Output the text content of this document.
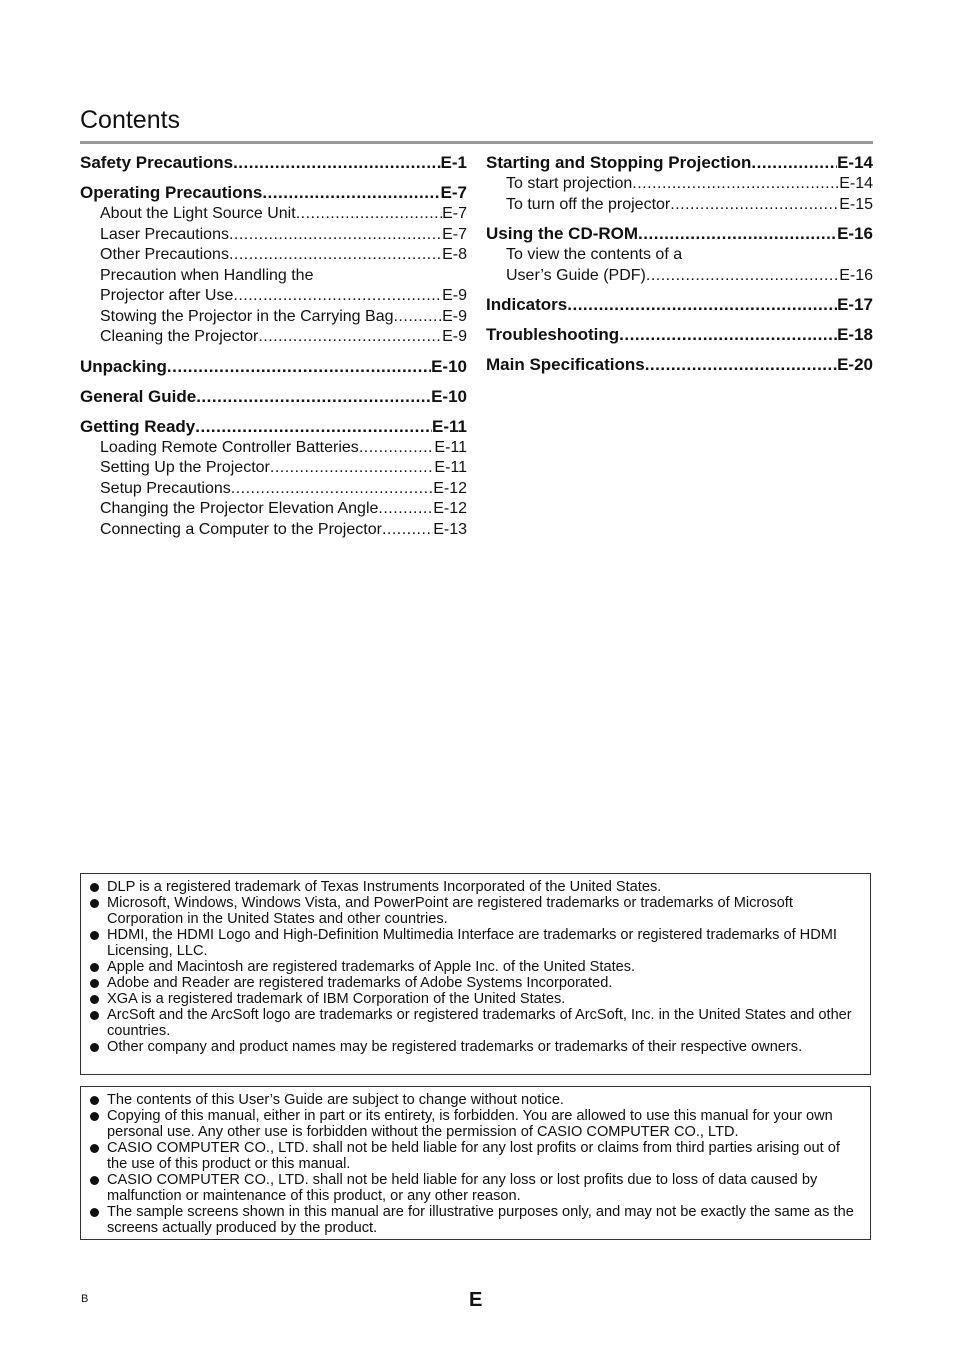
Contents
Safety Precautions .....	E-1
Operating Precautions .....	E-7
About the Light Source Unit .....	E-7
Laser Precautions .....	E-7
Other Precautions .....	E-8
Precaution when Handling the
Projector after Use .....	E-9
Stowing the Projector in the Carrying Bag .....	E-9
Cleaning the Projector .....	E-9
Unpacking .....	E-10
General Guide .....	E-10
Getting Ready .....	E-11
Loading Remote Controller Batteries .....	E-11
Setting Up the Projector .....	E-11
Setup Precautions .....	E-12
Changing the Projector Elevation Angle .....	E-12
Connecting a Computer to the Projector .....	E-13
Starting and Stopping Projection .....	E-14
To start projection .....	E-14
To turn off the projector .....	E-15
Using the CD-ROM .....	E-16
To view the contents of a
User’s Guide (PDF) .....	E-16
Indicators .....	E-17
Troubleshooting .....	E-18
Main Specifications .....	E-20
DLP is a registered trademark of Texas Instruments Incorporated of the United States.
Microsoft, Windows, Windows Vista, and PowerPoint are registered trademarks or trademarks of Microsoft Corporation in the United States and other countries.
HDMI, the HDMI Logo and High-Definition Multimedia Interface are trademarks or registered trademarks of HDMI Licensing, LLC.
Apple and Macintosh are registered trademarks of Apple Inc. of the United States.
Adobe and Reader are registered trademarks of Adobe Systems Incorporated.
XGA is a registered trademark of IBM Corporation of the United States.
ArcSoft and the ArcSoft logo are trademarks or registered trademarks of ArcSoft, Inc. in the United States and other countries.
Other company and product names may be registered trademarks or trademarks of their respective owners.
The contents of this User’s Guide are subject to change without notice.
Copying of this manual, either in part or its entirety, is forbidden. You are allowed to use this manual for your own personal use. Any other use is forbidden without the permission of CASIO COMPUTER CO., LTD.
CASIO COMPUTER CO., LTD. shall not be held liable for any lost profits or claims from third parties arising out of the use of this product or this manual.
CASIO COMPUTER CO., LTD. shall not be held liable for any loss or lost profits due to loss of data caused by malfunction or maintenance of this product, or any other reason.
The sample screens shown in this manual are for illustrative purposes only, and may not be exactly the same as the screens actually produced by the product.
B	E
